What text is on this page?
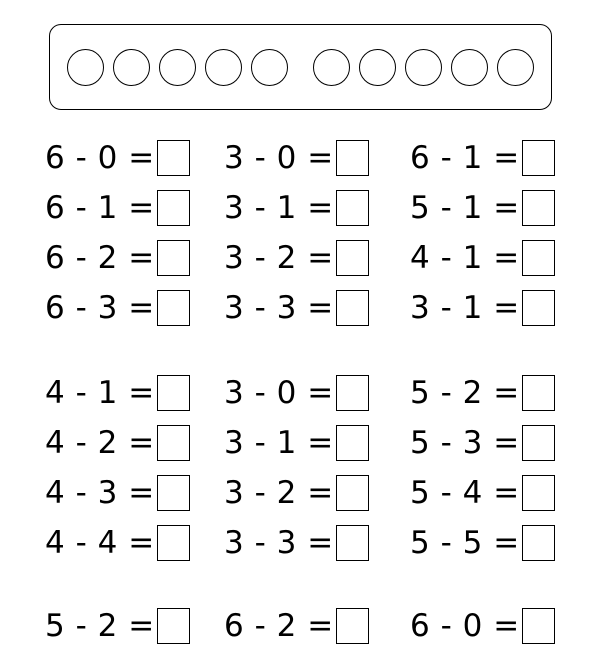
6 - 0 = 3 - 0 = 6 - 1 =
6 - 1 = 3 - 1 = 5 - 1 =
6 - 2 = 3 - 2 = 4 - 1 =
6 - 3 = 3 - 3 = 3 - 1 =
4 - 1 = 3 - 0 = 5 - 2 =
4 - 2 = 3 - 1 = 5 - 3 =
4 - 3 = 3 - 2 = 5 - 4 =
4 - 4 = 3 - 3 = 5 - 5 =
5 - 2 = 6 - 2 = 6 - 0 =
